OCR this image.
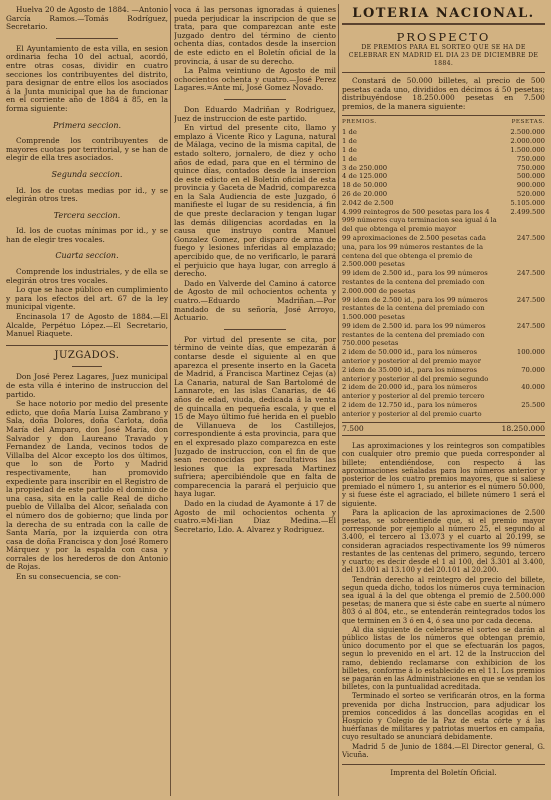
Huelva 20 de Agosto de 1884. —Antonio García Ramos.—Tomás Rodríguez, Secretario.

El Ayuntamiento de esta villa, en sesion ordinaria fecha 10 del actual, acordó, entre otras cosas, dividir en cuatro secciones los contribuyentes del distrito, para designar de entre ellos los asociados á la Junta municipal que ha de funcionar en el corriente año de 1884 á 85, en la forma siguiente:

Primera seccion.

Comprende los contribuyentes de mayores cuotas por territorial, y se han de elegir de ella tres asociados.

Segunda seccion.

Id. los de cuotas medias por id., y se elegirán otros tres.

Tercera seccion.

Id. los de cuotas mínimas por id., y se han de elegir tres vocales.

Cuarta seccion.

Comprende los industriales, y de ella se elegirán otros tres vocales.

Lo que se hace público en cumplimiento y para los efectos del art. 67 de la ley municipal vigente.

Encinasola 17 de Agosto de 1884.—El Alcalde, Perpétuo López.—El Secretario, Manuel Riaquete.

JUZGADOS.

Don José Perez Lagares, Juez municipal de esta villa é interino de instruccion del partido.

Se hace notorio por medio del presente edicto, que doña María Luisa Zambrano y Sala, doña Dolores, doña Carlota, doña María del Amparo, don José María, don Salvador y don Laureano Travado y Fernandez de Landa, vecinos todos de Villalba del Alcor excepto los dos últimos, que lo son de Porto y Madrid respectivamente, han promovido expediente para inscribir en el Registro de la propiedad de este partido el dominio de una casa, sita en la calle Real de dicho pueblo de Villalba del Alcor, señalada con el número dos de gobierno; que linda por la derecha de su entrada con la calle de Santa María, por la izquierda con otra casa de doña Francisca y don José Romero Márquez y por la espalda con casa y corrales de los herederos de don Antonio de Rojas.

En su consecuencia, se con-

voca á las personas ignoradas á quienes pueda perjudicar la inscripcion de que se trata, para que comparezcan ante este Juzgado dentro del término de ciento ochenta días, contados desde la insercion de este edicto en el Boletín oficial de la provincia, á usar de su derecho.

La Palma veintiuno de Agosto de mil ochocientos ochenta y cuatro.—José Perez Lagares.=Ante mí, José Gomez Novado.

Don Eduardo Madriñan y Rodriguez, Juez de instruccion de este partido.

En virtud del presente cito, llamo y emplazo á Vicente Rico y Laguna, natural de Málaga, vecino de la misma capital, de estado soltero, jornalero, de diez y ocho años de edad, para que en el término de quince días, contados desde la insercion de este edicto en el Boletín oficial de esta provincia y Gaceta de Madrid, comparezca en la Sala Audiencia de este Juzgado, ó manifieste el lugar de su residencia, á fin de que preste declaracion y tengan lugar las demás diligencias acordadas en la causa que instruyo contra Manuel Gonzalez Gomez, por disparo de arma de fuego y lesiones inferidas al emplazado; apercibido que, de no verificarlo, le parará el perjuicio que haya lugar, con arreglo á derecho.

Dado en Valverde del Camino á catorce de Agosto de mil ochocientos ochenta y cuatro.—Eduardo Madriñan.—Por mandado de su señoría, José Arroyo, Actuario.

Por virtud del presente se cita, por término de veinte días, que empezarán á contarse desde el siguiente al en que aparezca el presente inserto en la Gaceta de Madrid, á Francisca Martinez Cejas (a) La Canaria, natural de San Bartolomé de Lannarote, en las islas Canarias, de 46 años de edad, viuda, dedicada á la venta de quincalla en pequeña escala, y que el 15 de Mayo último fué herida en el pueblo de Villanueva de los Castillejos, correspondiente á esta provincia, para que en el expresado plazo comparezca en este Juzgado de instruccion, con el fin de que sean reconocidas por facultativos las lesiones que la expresada Martinez sufriera; apercibiéndole que en falta de comparecencia la parará el perjuicio que haya lugar.

Dado en la ciudad de Ayamonte á 17 de Agosto de mil ochocientos ochenta y cuatro.=Mi-lian Diaz Medina.—El Secretario, Ldo. A. Alvarez y Rodriguez.

LOTERIA NACIONAL.
PROSPECTO
DE PREMIOS PARA EL SORTEO QUE SE HA DE CELEBRAR EN MADRID EL DIA 23 DE DICIEMBRE DE 1884.

Constará de 50.000 billetes, al precio de 500 pesetas cada uno, divididos en décimos á 50 pesetas; distribuyéndose 18.250.000 pesetas en 7.500 premios, de la manera siguiente:

PREMIOS.	PESETAS.
1 de	2.500.000
1 de	2.000.000
1 de	1.500.000
1 de	750.000
3 de 250.000	750.000
4 de 125.000	500.000
18 de 50.000	900.000
26 de 20.000	520.000
2.042 de 2.500	5.105.000
4.999 reintegros de 500 pesetas para los 4 999 números cuya terminacion sea igual á la del que obtenga el premio mayor	2.499.500
99 aproximaciones de 2.500 pesetas cada una, para los 99 números restantes de la centena del que obtenga el premio de 2.500.000 pesetas	247.500
99 idem de 2.500 id., para los 99 números restantes de la centena del premiado con 2.000.000 de pesetas	247.500
99 idem de 2.500 id., para los 99 números restantes de la centena del premiado con 1.500.000 pesetas	247.500
99 idem de 2.500 id. para los 99 números restantes de la centena del premiado con 750.000 pesetas	247.500
2 idem de 50.000 id., para los números anterior y posterior al del premio mayor	100.000
2 idem de 35.000 id., para los números anterior y posterior al del premio segundo	70.000
2 idem de 20.000 id., para los números anterior y posterior al del premio tercero	40.000
2 idem de 12.750 id., para los números anterior y posterior al del premio cuarto	25.500
7.500	18.250.000

Las aproximaciones y los reintegros son compatibles con cualquier otro premio que pueda corresponder al billete; entendiéndose, con respecto á las aproximaciones señaladas para los números anterior y posterior de los cuatro premios mayores, que si saliese premiado el número 1, su anterior es el número 50.000, y si fuese éste el agraciado, el billete número 1 será el siguiente.

Para la aplicacion de las aproximaciones de 2.500 pesetas, se sobreentiende que, si el premio mayor corresponde por ejemplo al número 25, el segundo al 3.400, el tercero al 13.073 y el cuarto al 20.199, se consideran agraciados respectivamente los 99 números restantes de las centenas del primero, segundo, tercero y cuarto; es decir desde el 1 al 100, del 3.301 al 3.400, del 13.001 al 13.100 y del 20.101 al 20.200.

Tendrán derecho al reintegro del precio del billete, segun queda dicho, todos los números cuya terminacion sea igual á la del que obtenga el premio de 2.500.000 pesetas; de manera que si éste cabe en suerte al número 803 ó al 804, etc., se entenderán reintegrados todos los que terminen en 3 ó en 4, ó sea uno por cada decena.

Al dia siguiente de celebrarse el sorteo se darán al público listas de los números que obtengan premio, único documento por el que se efectuarán los pagos, segun lo prevenido en el art. 12 de la Instruccion del ramo, debiendo reclamarse con exhibicion de los billetes, conforme á lo establecido en el 11. Los premios se pagarán en las Administraciones en que se vendan los billetes, con la puntualidad acreditada.

Terminado el sorteo se verificarán otros, en la forma prevenida por dicha Instruccion, para adjudicar los premios concedidos á las doncellas acogidas en el Hospicio y Colegio de la Paz de esta córte y á las huérfanas de militares y patriotas muertos en campaña, cuyo resultado se anunciará debidamente.

Madrid 5 de Junio de 1884.—El Director general, G. Vicuña.

Imprenta del Boletín Oficial.
